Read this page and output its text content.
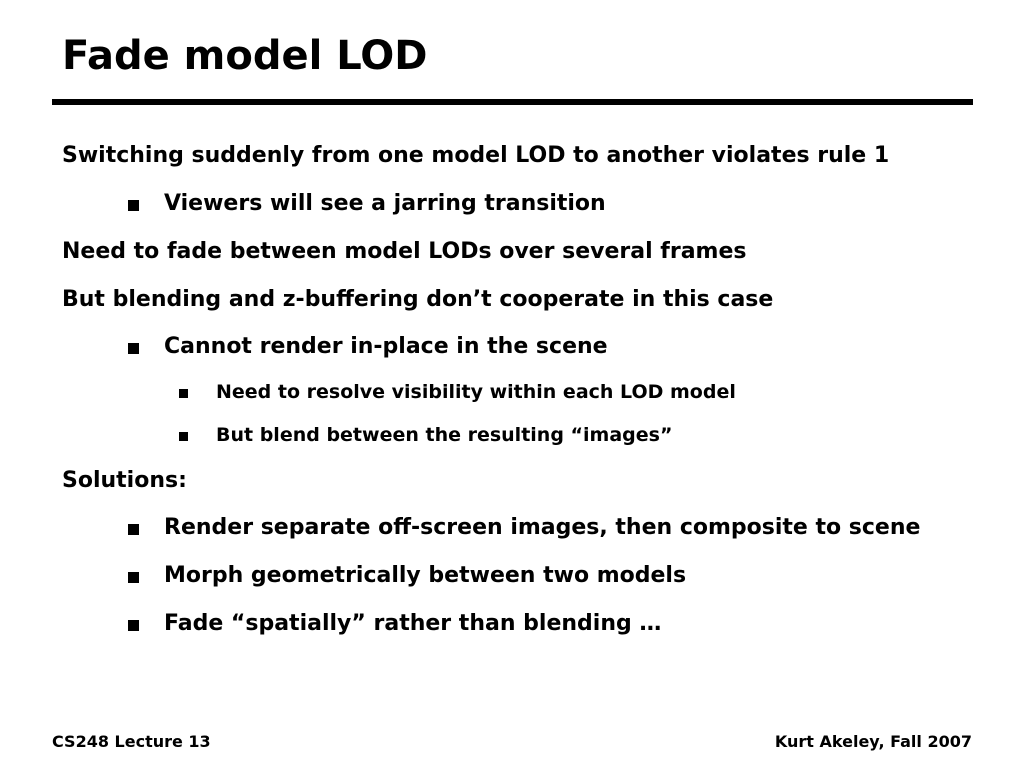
Fade model LOD
Switching suddenly from one model LOD to another violates rule 1
Viewers will see a jarring transition
Need to fade between model LODs over several frames
But blending and z-buffering don’t cooperate in this case
Cannot render in-place in the scene
Need to resolve visibility within each LOD model
But blend between the resulting “images”
Solutions:
Render separate off-screen images, then composite to scene
Morph geometrically between two models
Fade “spatially” rather than blending …
CS248 Lecture 13	Kurt Akeley, Fall 2007
